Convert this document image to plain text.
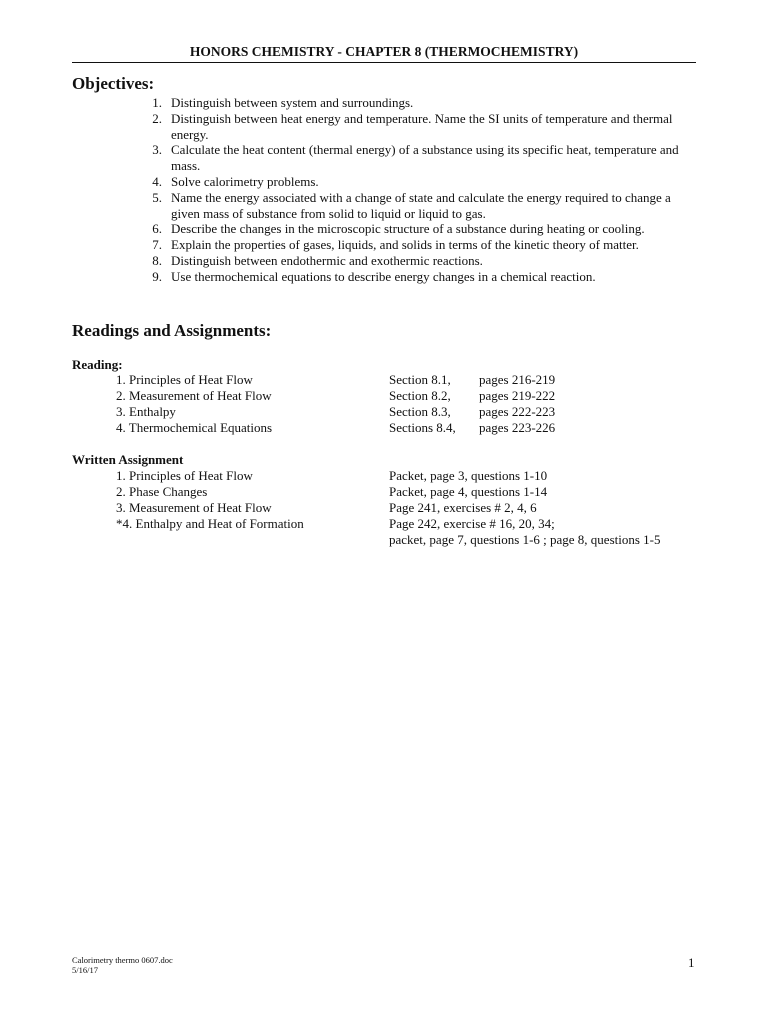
HONORS CHEMISTRY - CHAPTER 8 (THERMOCHEMISTRY)
Objectives:
1. Distinguish between system and surroundings.
2. Distinguish between heat energy and temperature. Name the SI units of temperature and thermal energy.
3. Calculate the heat content (thermal energy) of a substance using its specific heat, temperature and mass.
4. Solve calorimetry problems.
5. Name the energy associated with a change of state and calculate the energy required to change a given mass of substance from solid to liquid or liquid to gas.
6. Describe the changes in the microscopic structure of a substance during heating or cooling.
7. Explain the properties of gases, liquids, and solids in terms of the kinetic theory of matter.
8. Distinguish between endothermic and exothermic reactions.
9. Use thermochemical equations to describe energy changes in a chemical reaction.
Readings and Assignments:
Reading:
1. Principles of Heat Flow	Section 8.1, pages 216-219
2. Measurement of Heat Flow	Section 8.2, pages 219-222
3. Enthalpy	Section 8.3, pages 222-223
4. Thermochemical Equations	Sections 8.4, pages 223-226
Written Assignment
1. Principles of Heat Flow	Packet, page 3, questions 1-10
2. Phase Changes	Packet, page 4, questions 1-14
3. Measurement of Heat Flow	Page 241, exercises # 2, 4, 6
*4. Enthalpy and Heat of Formation	Page 242, exercise # 16, 20, 34;
packet, page 7, questions 1-6 ; page 8, questions 1-5
Calorimetry thermo 0607.doc
5/16/17	1
